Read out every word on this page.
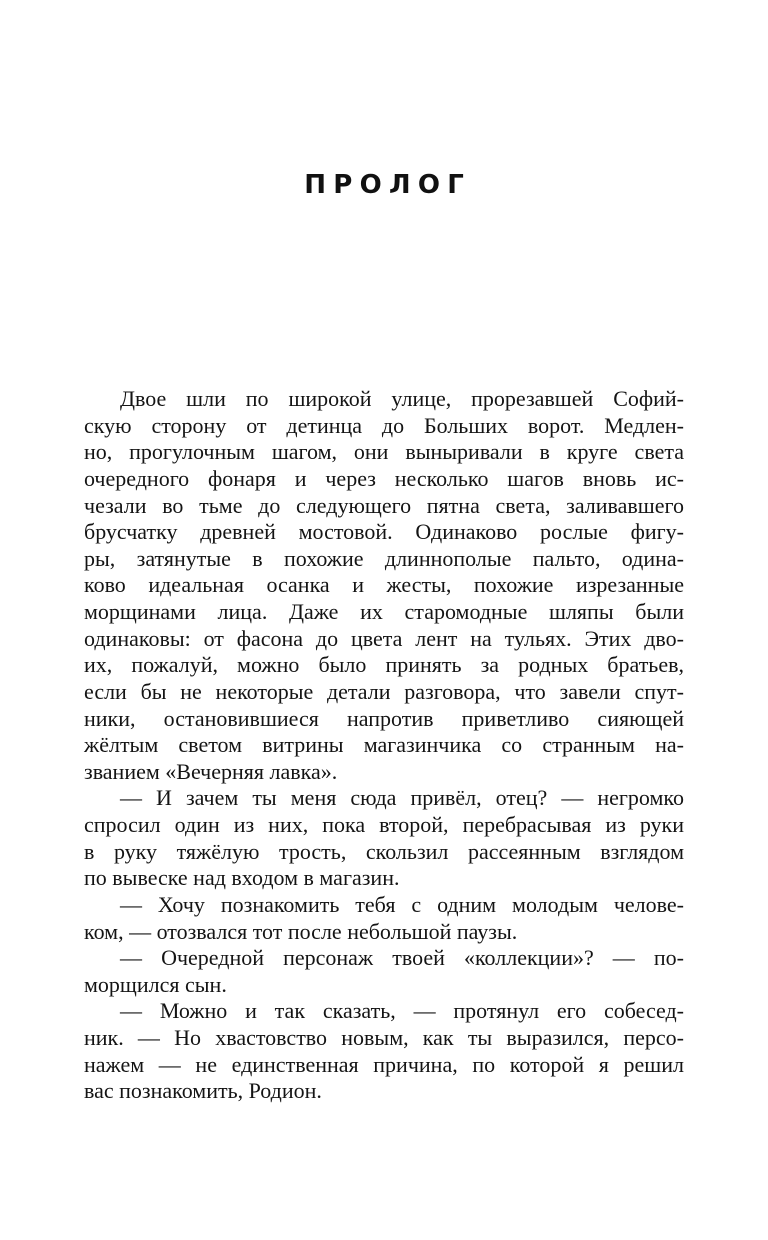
ПРОЛОГ
Двое шли по широкой улице, прорезавшей Софий-
скую сторону от детинца до Больших ворот. Медлен-
но, прогулочным шагом, они выныривали в круге света
очередного фонаря и через несколько шагов вновь ис-
чезали во тьме до следующего пятна света, заливавшего
брусчатку древней мостовой. Одинаково рослые фигу-
ры, затянутые в похожие длиннополые пальто, одина-
ково идеальная осанка и жесты, похожие изрезанные
морщинами лица. Даже их старомодные шляпы были
одинаковы: от фасона до цвета лент на тульях. Этих дво-
их, пожалуй, можно было принять за родных братьев,
если бы не некоторые детали разговора, что завели спут-
ники, остановившиеся напротив приветливо сияющей
жёлтым светом витрины магазинчика со странным на-
званием «Вечерняя лавка».
— И зачем ты меня сюда привёл, отец? — негромко
спросил один из них, пока второй, перебрасывая из руки
в руку тяжёлую трость, скользил рассеянным взглядом
по вывеске над входом в магазин.
— Хочу познакомить тебя с одним молодым челове-
ком, — отозвался тот после небольшой паузы.
— Очередной персонаж твоей «коллекции»? — по-
морщился сын.
— Можно и так сказать, — протянул его собесед-
ник. — Но хвастовство новым, как ты выразился, персо-
нажем — не единственная причина, по которой я решил
вас познакомить, Родион.
